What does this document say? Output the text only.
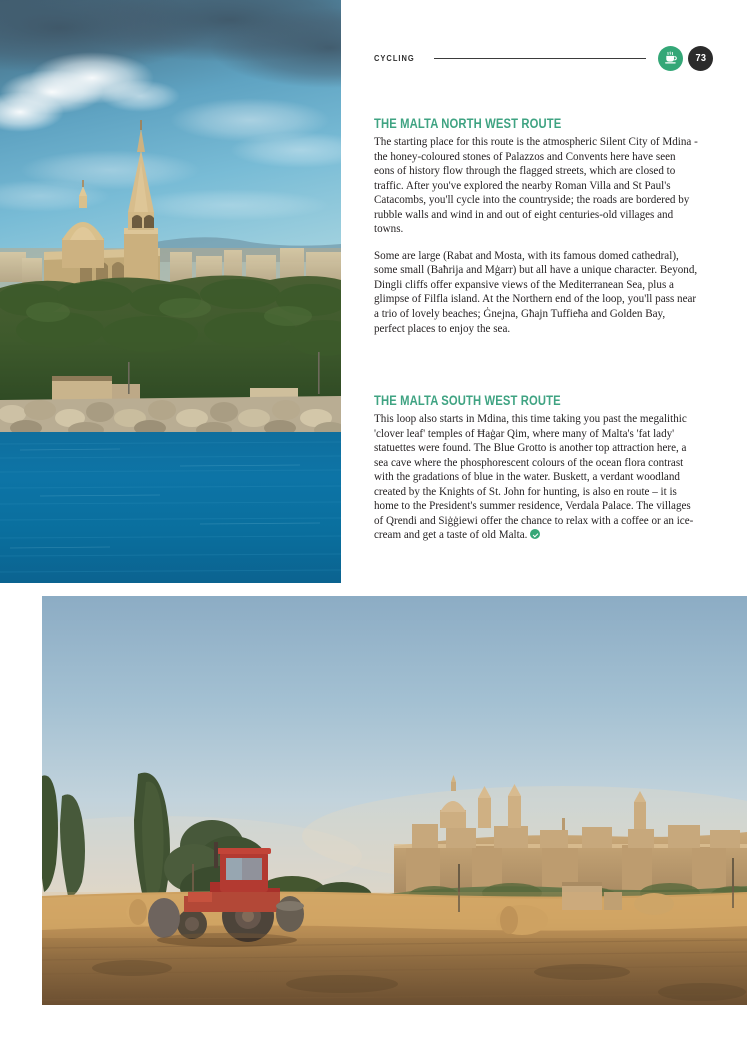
CYCLING	73
THE MALTA NORTH WEST ROUTE

The starting place for this route is the atmospheric Silent City of Mdina - the honey-coloured stones of Palazzos and Convents here have seen eons of history flow through the flagged streets, which are closed to traffic. After you've explored the nearby Roman Villa and St Paul's Catacombs, you'll cycle into the countryside; the roads are bordered by rubble walls and wind in and out of eight centuries-old villages and towns.

Some are large (Rabat and Mosta, with its famous domed cathedral), some small (Baħrija and Mġarr) but all have a unique character. Beyond, Dingli cliffs offer expansive views of the Mediterranean Sea, plus a glimpse of Filfla island. At the Northern end of the loop, you'll pass near a trio of lovely beaches; Ġnejna, Għajn Tuffieħa and Golden Bay, perfect places to enjoy the sea.

THE MALTA SOUTH WEST ROUTE

This loop also starts in Mdina, this time taking you past the megalithic 'clover leaf' temples of Ħaġar Qim, where many of Malta's 'fat lady' statuettes were found. The Blue Grotto is another top attraction here, a sea cave where the phosphorescent colours of the ocean flora contrast with the gradations of blue in the water. Buskett, a verdant woodland created by the Knights of St. John for hunting, is also en route – it is home to the President's summer residence, Verdala Palace. The villages of Qrendi and Siġġiewi offer the chance to relax with a coffee or an ice-cream and get a taste of old Malta.
